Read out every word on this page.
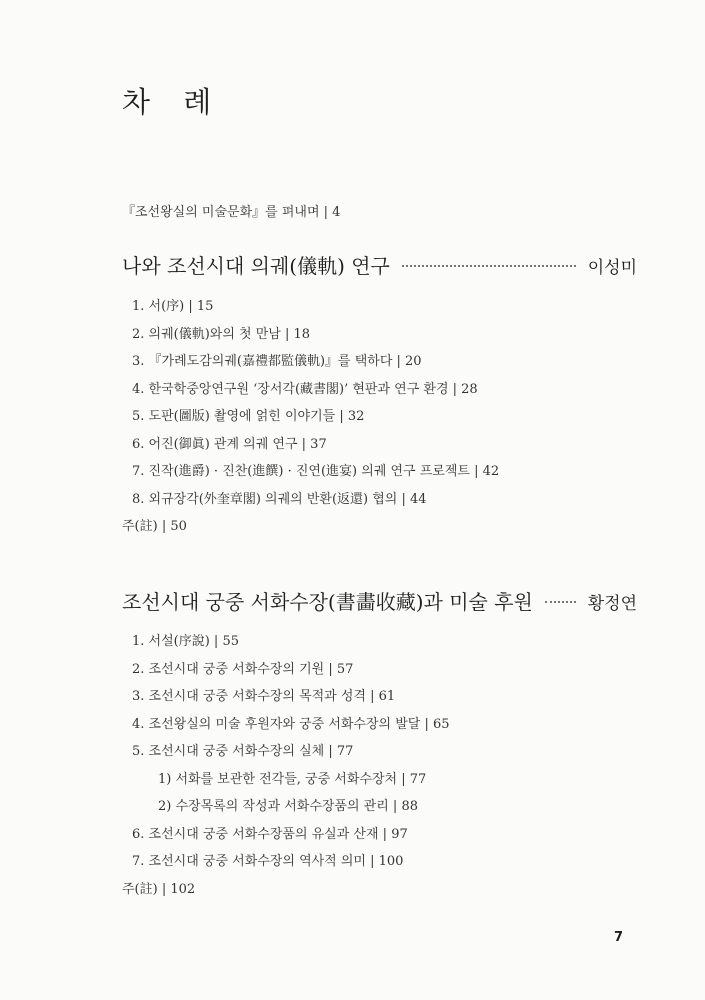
차 례
『조선왕실의 미술문화』를 펴내며 | 4
나와 조선시대 의궤(儀軌) 연구	이성미
1. 서(序) | 15
2. 의궤(儀軌)와의 첫 만남 | 18
3. 『가례도감의궤(嘉禮都監儀軌)』를 택하다 | 20
4. 한국학중앙연구원 ‘장서각(藏書閣)’ 현판과 연구 환경 | 28
5. 도판(圖版) 촬영에 얽힌 이야기들 | 32
6. 어진(御眞) 관계 의궤 연구 | 37
7. 진작(進爵) · 진찬(進饌) · 진연(進宴) 의궤 연구 프로젝트 | 42
8. 외규장각(外奎章閣) 의궤의 반환(返還) 협의 | 44
주(註) | 50
조선시대 궁중 서화수장(書畵收藏)과 미술 후원	황정연
1. 서설(序說) | 55
2. 조선시대 궁중 서화수장의 기원 | 57
3. 조선시대 궁중 서화수장의 목적과 성격 | 61
4. 조선왕실의 미술 후원자와 궁중 서화수장의 발달 | 65
5. 조선시대 궁중 서화수장의 실체 | 77
1) 서화를 보관한 전각들, 궁중 서화수장처 | 77
2) 수장목록의 작성과 서화수장품의 관리 | 88
6. 조선시대 궁중 서화수장품의 유실과 산재 | 97
7. 조선시대 궁중 서화수장의 역사적 의미 | 100
주(註) | 102
7
